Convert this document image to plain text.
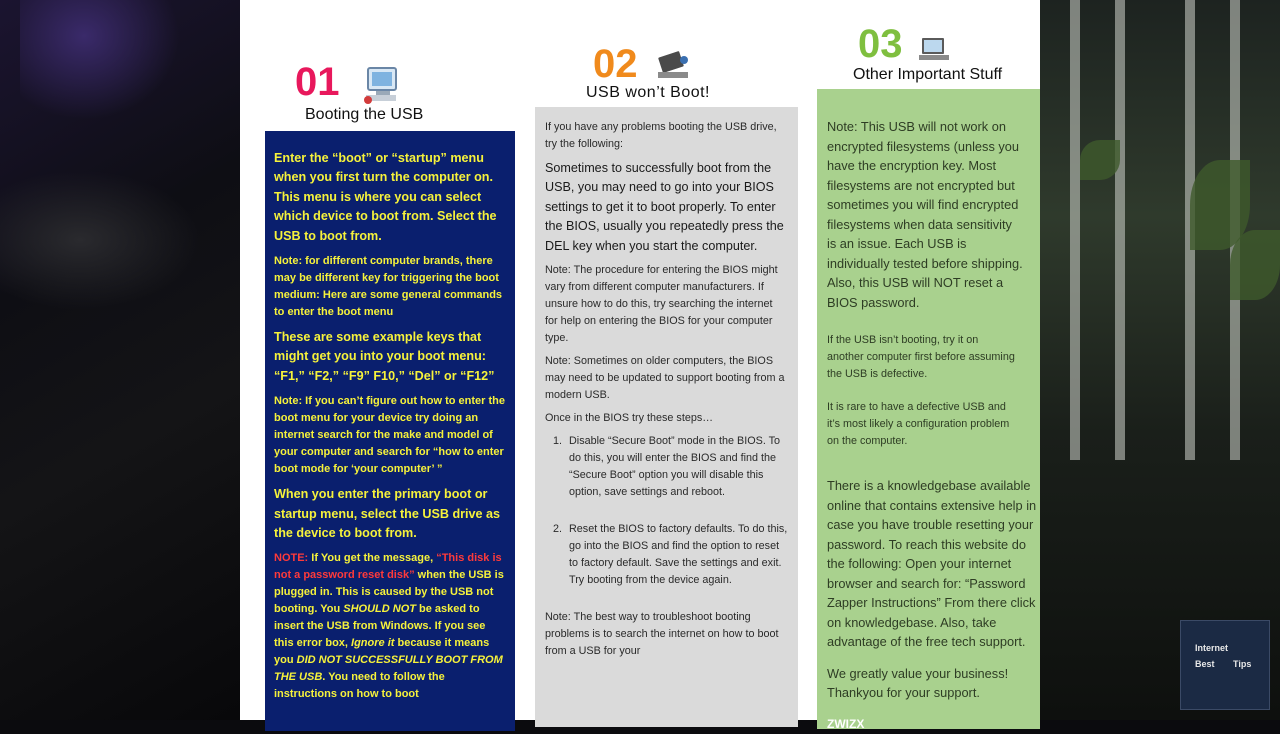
01
Booting the USB
02
USB won’t Boot!
03
Other Important Stuff

Enter the “boot” or “startup” menu when you first turn the computer on. This menu is where you can select which device to boot from. Select the USB to boot from.

Note: for different computer brands, there may be different key for triggering the boot medium: Here are some general commands to enter the boot menu

These are some example keys that might get you into your boot menu: “F1,” “F2,” “F9” F10,” “Del” or “F12”

Note: If you can’t figure out how to enter the boot menu for your device try doing an internet search for the make and model of your computer and search for “how to enter boot mode for ‘your computer’ ”

When you enter the primary boot or startup menu, select the USB drive as the device to boot from.

NOTE: If You get the message, “This disk is not a password reset disk” when the USB is plugged in. This is caused by the USB not booting. You SHOULD NOT be asked to insert the USB from Windows. If you see this error box, Ignore it because it means you DID NOT SUCCESSFULLY BOOT FROM THE USB. You need to follow the instructions on how to boot

If you have any problems booting the USB drive, try the following:

Sometimes to successfully boot from the USB, you may need to go into your BIOS settings to get it to boot properly. To enter the BIOS, usually you repeatedly press the DEL key when you start the computer.

Note: The procedure for entering the BIOS might vary from different computer manufacturers. If unsure how to do this, try searching the internet for help on entering the BIOS for your computer type.

Note: Sometimes on older computers, the BIOS may need to be updated to support booting from a modern USB.

Once in the BIOS try these steps…

1. Disable “Secure Boot” mode in the BIOS. To do this, you will enter the BIOS and find the “Secure Boot” option you will disable this option, save settings and reboot.
2. Reset the BIOS to factory defaults. To do this, go into the BIOS and find the option to reset to factory default. Save the settings and exit. Try booting from the device again.

Note: The best way to troubleshoot booting problems is to search the internet on how to boot from a USB for your

Note: This USB will not work on
encrypted filesystems (unless you
have the encryption key. Most
filesystems are not encrypted but
sometimes you will find encrypted
filesystems when data sensitivity
is an issue. Each USB is
individually tested before shipping.
Also, this USB will NOT reset a
BIOS password.

If the USB isn’t booting, try it on
another computer first before assuming
the USB is defective.

It is rare to have a defective USB and
it’s most likely a configuration problem
on the computer.

There is a knowledgebase available
online that contains extensive help in
case you have trouble resetting your
password. To reach this website do
the following: Open your internet
browser and search for: “Password
Zapper Instructions” From there click
on knowledgebase. Also, take
advantage of the free tech support.

We greatly value your business!
Thankyou for your support.

ZWIZX

Internet
Best Tips
